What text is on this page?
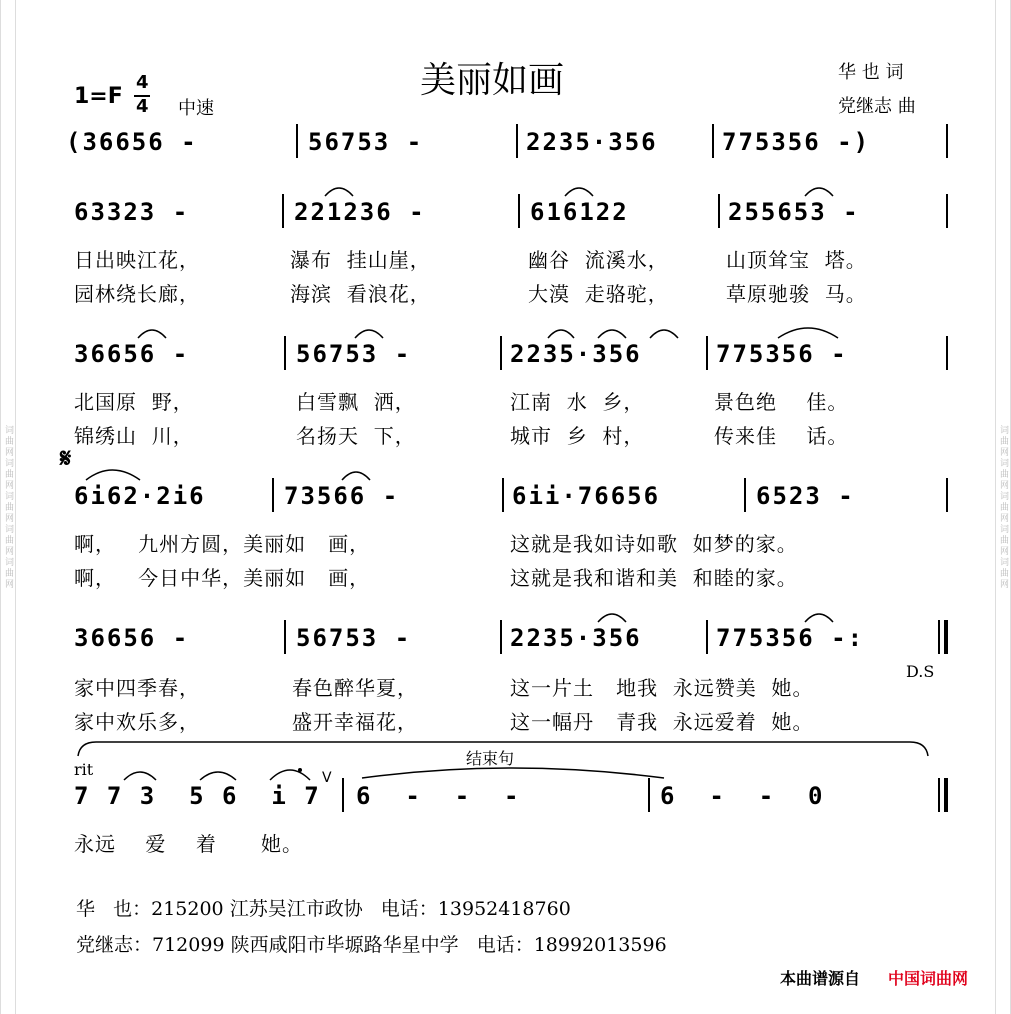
词曲网词曲网词曲网词曲网词曲网	词曲网词曲网词曲网词曲网词曲网
美丽如画
1=F
4
4 中速
华 也 词
党继志 曲
(36656 -	56753 -	2235·356	775356 -)
63323 -	221236 -	616122	255653 -
日出映江花，	瀑布  挂山崖，	幽谷  流溪水，	山顶耸宝  塔。
园林绕长廊，	海滨  看浪花，	大漠  走骆驼，	草原驰骏  马。
36656 -	56753 -	2235·356	775356 -
北国原  野，	白雪飘  洒，	江南  水  乡，	景色绝    佳。
锦绣山  川，	名扬天  下，	城市  乡  村，	传来佳    话。
𝄋
6i62·2i6	73566 -	6ii·76656	6523 -
啊，   九州方圆，美丽如   画，	这就是我如诗如歌  如梦的家。
啊，   今日中华，美丽如   画，	这就是我和谐和美  和睦的家。
36656 -	56753 -	2235·356	775356 -:
D.S
家中四季春，	春色醉华夏，	这一片土   地我  永远赞美  她。
家中欢乐多，	盛开幸福花，	这一幅丹   青我  永远爱着  她。
rit
结束句
7 7 3  5 6  i 7
V
6  -  -  -	6  -  -  0
永远    爱    着      她。
华   也：215200 江苏吴江市政协   电话：13952418760
党继志：712099 陕西咸阳市毕塬路华星中学   电话：18992013596
本曲谱源自 中国词曲网
